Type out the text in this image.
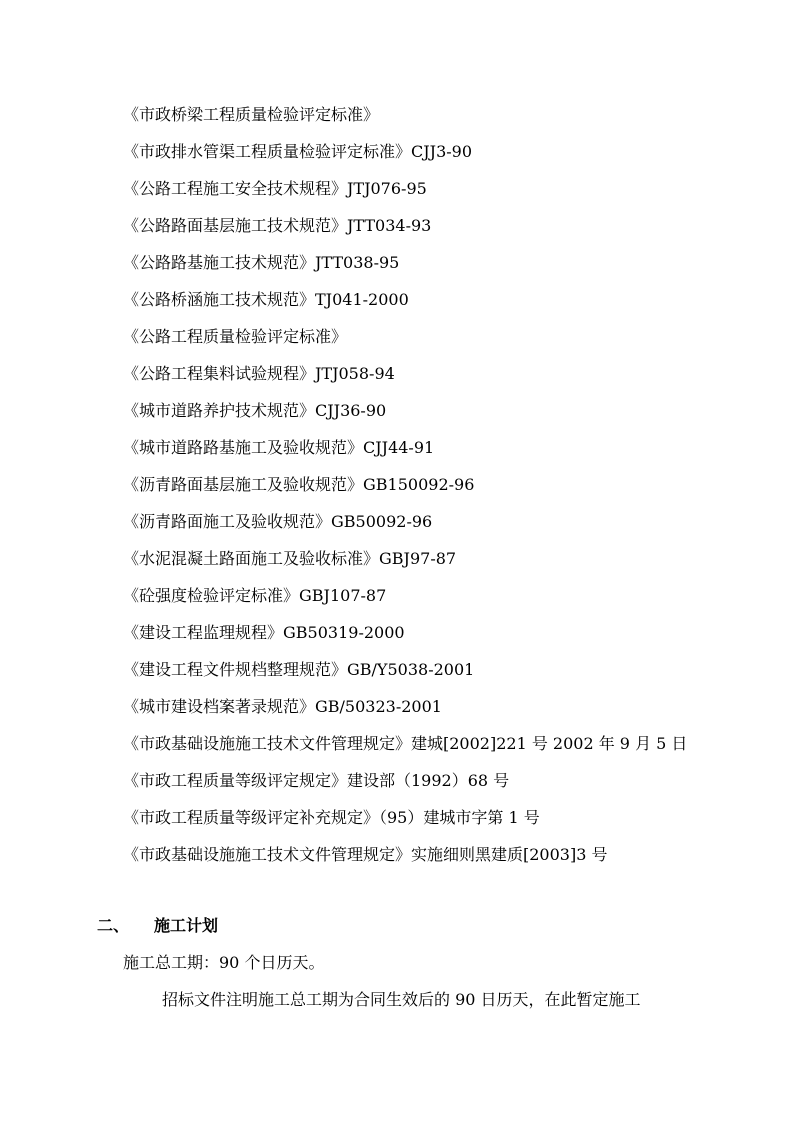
《市政桥梁工程质量检验评定标准》
《市政排水管渠工程质量检验评定标准》CJJ3-90
《公路工程施工安全技术规程》JTJ076-95
《公路路面基层施工技术规范》JTT034-93
《公路路基施工技术规范》JTT038-95
《公路桥涵施工技术规范》TJ041-2000
《公路工程质量检验评定标准》
《公路工程集料试验规程》JTJ058-94
《城市道路养护技术规范》CJJ36-90
《城市道路路基施工及验收规范》CJJ44-91
《沥青路面基层施工及验收规范》GB150092-96
《沥青路面施工及验收规范》GB50092-96
《水泥混凝土路面施工及验收标准》GBJ97-87
《砼强度检验评定标准》GBJ107-87
《建设工程监理规程》GB50319-2000
《建设工程文件规档整理规范》GB/Y5038-2001
《城市建设档案著录规范》GB/50323-2001
《市政基础设施施工技术文件管理规定》建城[2002]221 号 2002 年 9 月 5 日
《市政工程质量等级评定规定》建设部（1992）68 号
《市政工程质量等级评定补充规定》（95）建城市字第 1 号
《市政基础设施施工技术文件管理规定》实施细则黑建质[2003]3 号
二、 施工计划

施工总工期：90 个日历天。

招标文件注明施工总工期为合同生效后的 90 日历天，在此暂定施工
